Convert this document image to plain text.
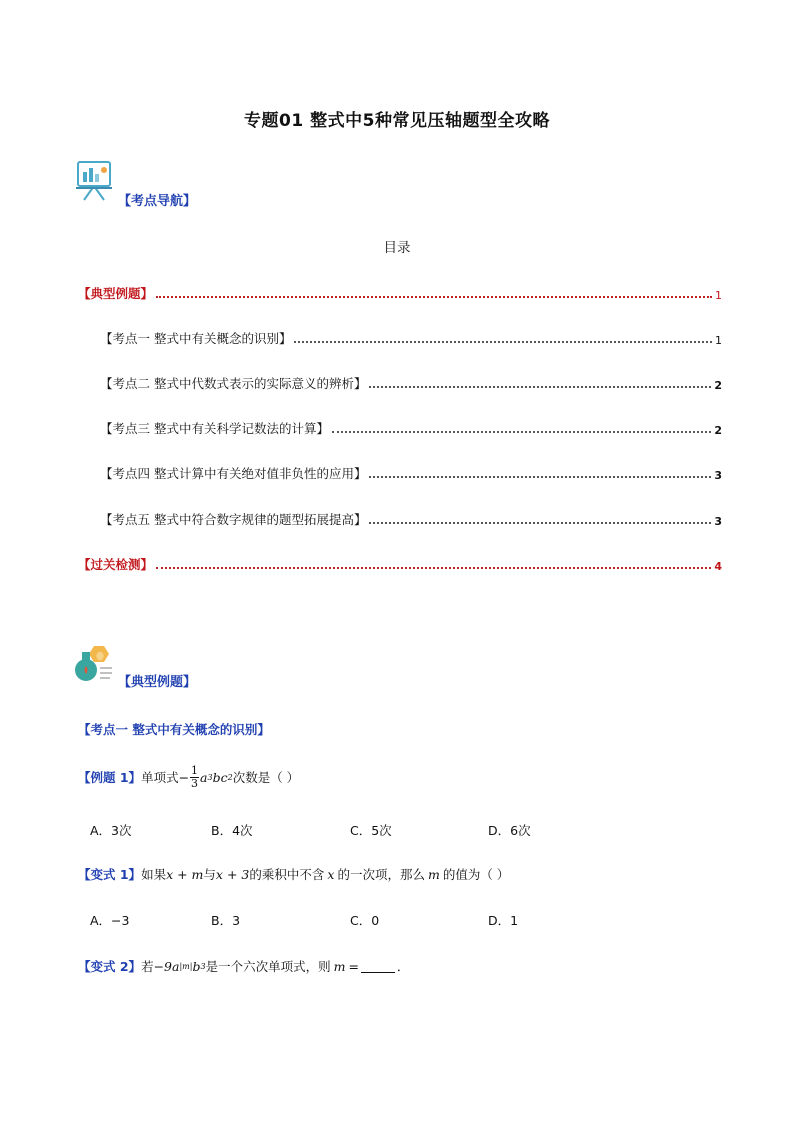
专题01 整式中5种常见压轴题型全攻略
【考点导航】
目录
【典型例题】	1
【考点一 整式中有关概念的识别】	1
【考点二 整式中代数式表示的实际意义的辨析】	2
【考点三 整式中有关科学记数法的计算】	2
【考点四 整式计算中有关绝对值非负性的应用】	3
【考点五 整式中符合数字规律的题型拓展提高】	3
【过关检测】	4
【典型例题】
【考点一 整式中有关概念的识别】
【例题 1】 单项式− $\frac{1}{3}$ a 3 bc 2 次数是（ ）
A．3次	B．4次	C．5次	D．6次
【变式 1】 如果 x + m 与 x + 3 的乘积中不含 x 的一次项，那么 m 的值为（ ）
A．−3	B．3	C．0	D．1
【变式 2】 若 −9a |m| b 3 是一个六次单项式，则 m =	．
